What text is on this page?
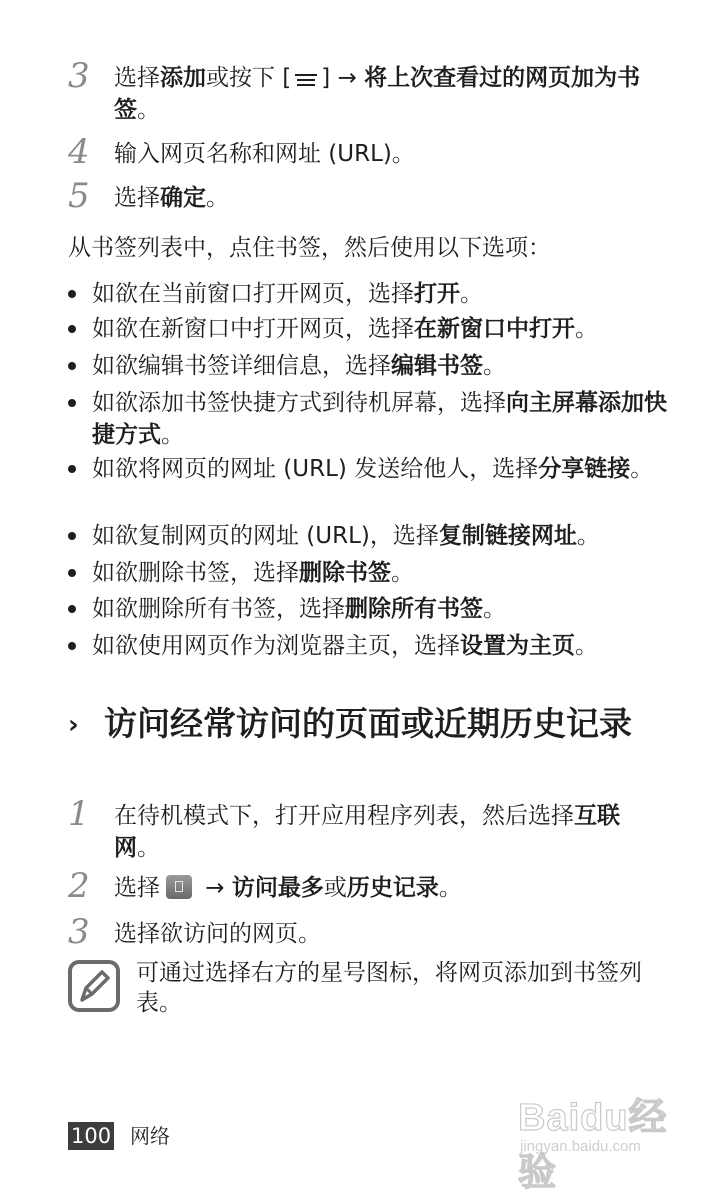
3	选择添加或按下 [ ] → 将上次查看过的网页加为书签。
4	输入网页名称和网址 (URL)。
5	选择确定。
从书签列表中，点住书签，然后使用以下选项：
如欲在当前窗口打开网页，选择打开。
如欲在新窗口中打开网页，选择在新窗口中打开。
如欲编辑书签详细信息，选择编辑书签。
如欲添加书签快捷方式到待机屏幕，选择向主屏幕添加快捷方式。
如欲将网页的网址 (URL) 发送给他人，选择分享链接。
如欲复制网页的网址 (URL)，选择复制链接网址。
如欲删除书签，选择删除书签。
如欲删除所有书签，选择删除所有书签。
如欲使用网页作为浏览器主页，选择设置为主页。
› 访问经常访问的页面或近期历史记录
1	在待机模式下，打开应用程序列表，然后选择互联网。
2	选择
→ 访问最多或历史记录。
3	选择欲访问的网页。
可通过选择右方的星号图标，将网页添加到书签列表。
100 网络	Baidu经验
jingyan.baidu.com
